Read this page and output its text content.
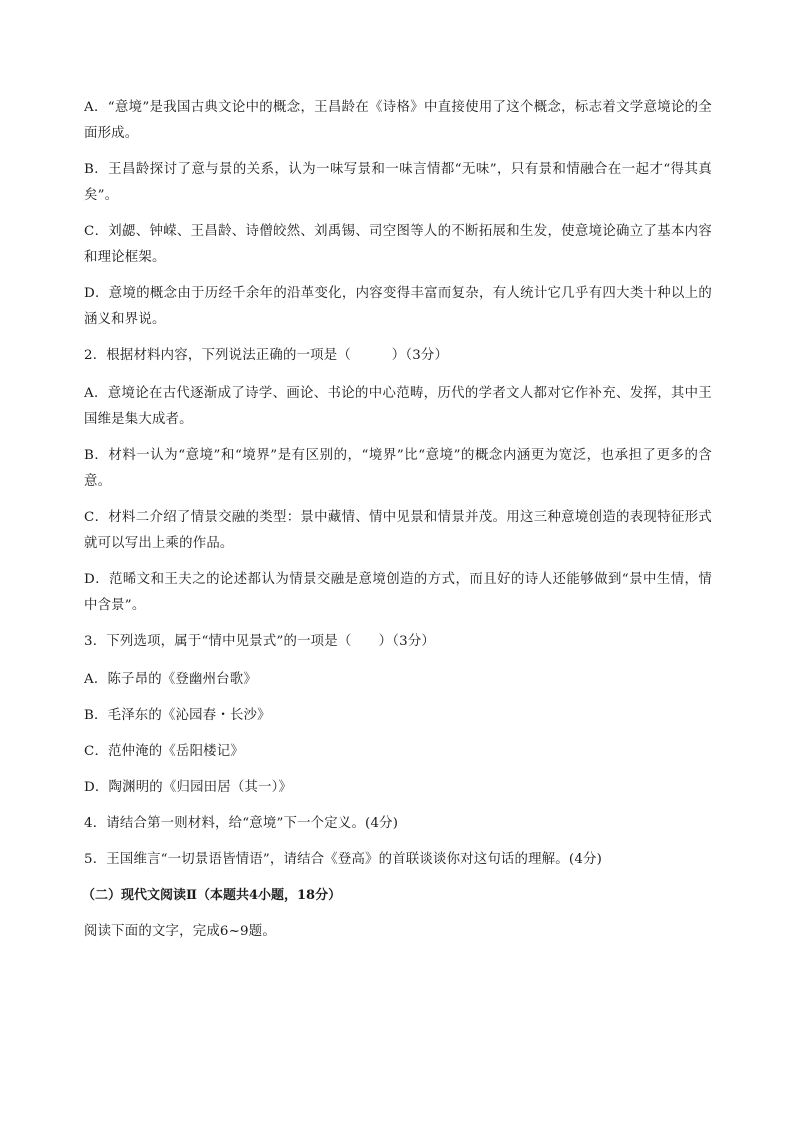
A．“意境”是我国古典文论中的概念，王昌龄在《诗格》中直接使用了这个概念，标志着文学意境论的全面形成。

B．王昌龄探讨了意与景的关系，认为一味写景和一味言情都“无味”，只有景和情融合在一起才“得其真矣”。

C．刘勰、钟嵘、王昌龄、诗僧皎然、刘禹锡、司空图等人的不断拓展和生发，使意境论确立了基本内容和理论框架。

D．意境的概念由于历经千余年的沿革变化，内容变得丰富而复杂，有人统计它几乎有四大类十种以上的涵义和界说。

2．根据材料内容，下列说法正确的一项是（　　　）（3分）

A．意境论在古代逐渐成了诗学、画论、书论的中心范畴，历代的学者文人都对它作补充、发挥，其中王国维是集大成者。

B．材料一认为“意境”和“境界”是有区别的，“境界”比“意境”的概念内涵更为宽泛，也承担了更多的含意。

C．材料二介绍了情景交融的类型：景中藏情、情中见景和情景并茂。用这三种意境创造的表现特征形式就可以写出上乘的作品。

D．范晞文和王夫之的论述都认为情景交融是意境创造的方式，而且好的诗人还能够做到“景中生情，情中含景”。

3．下列选项，属于“情中见景式”的一项是（　　）（3分）

A．陈子昂的《登幽州台歌》

B．毛泽东的《沁园春・长沙》

C．范仲淹的《岳阳楼记》

D．陶渊明的《归园田居（其一）》

4．请结合第一则材料，给“意境”下一个定义。(4分)

5．王国维言“一切景语皆情语”，请结合《登高》的首联谈谈你对这句话的理解。(4分)

（二）现代文阅读Ⅱ（本题共4小题，18分）

阅读下面的文字，完成6~9题。
